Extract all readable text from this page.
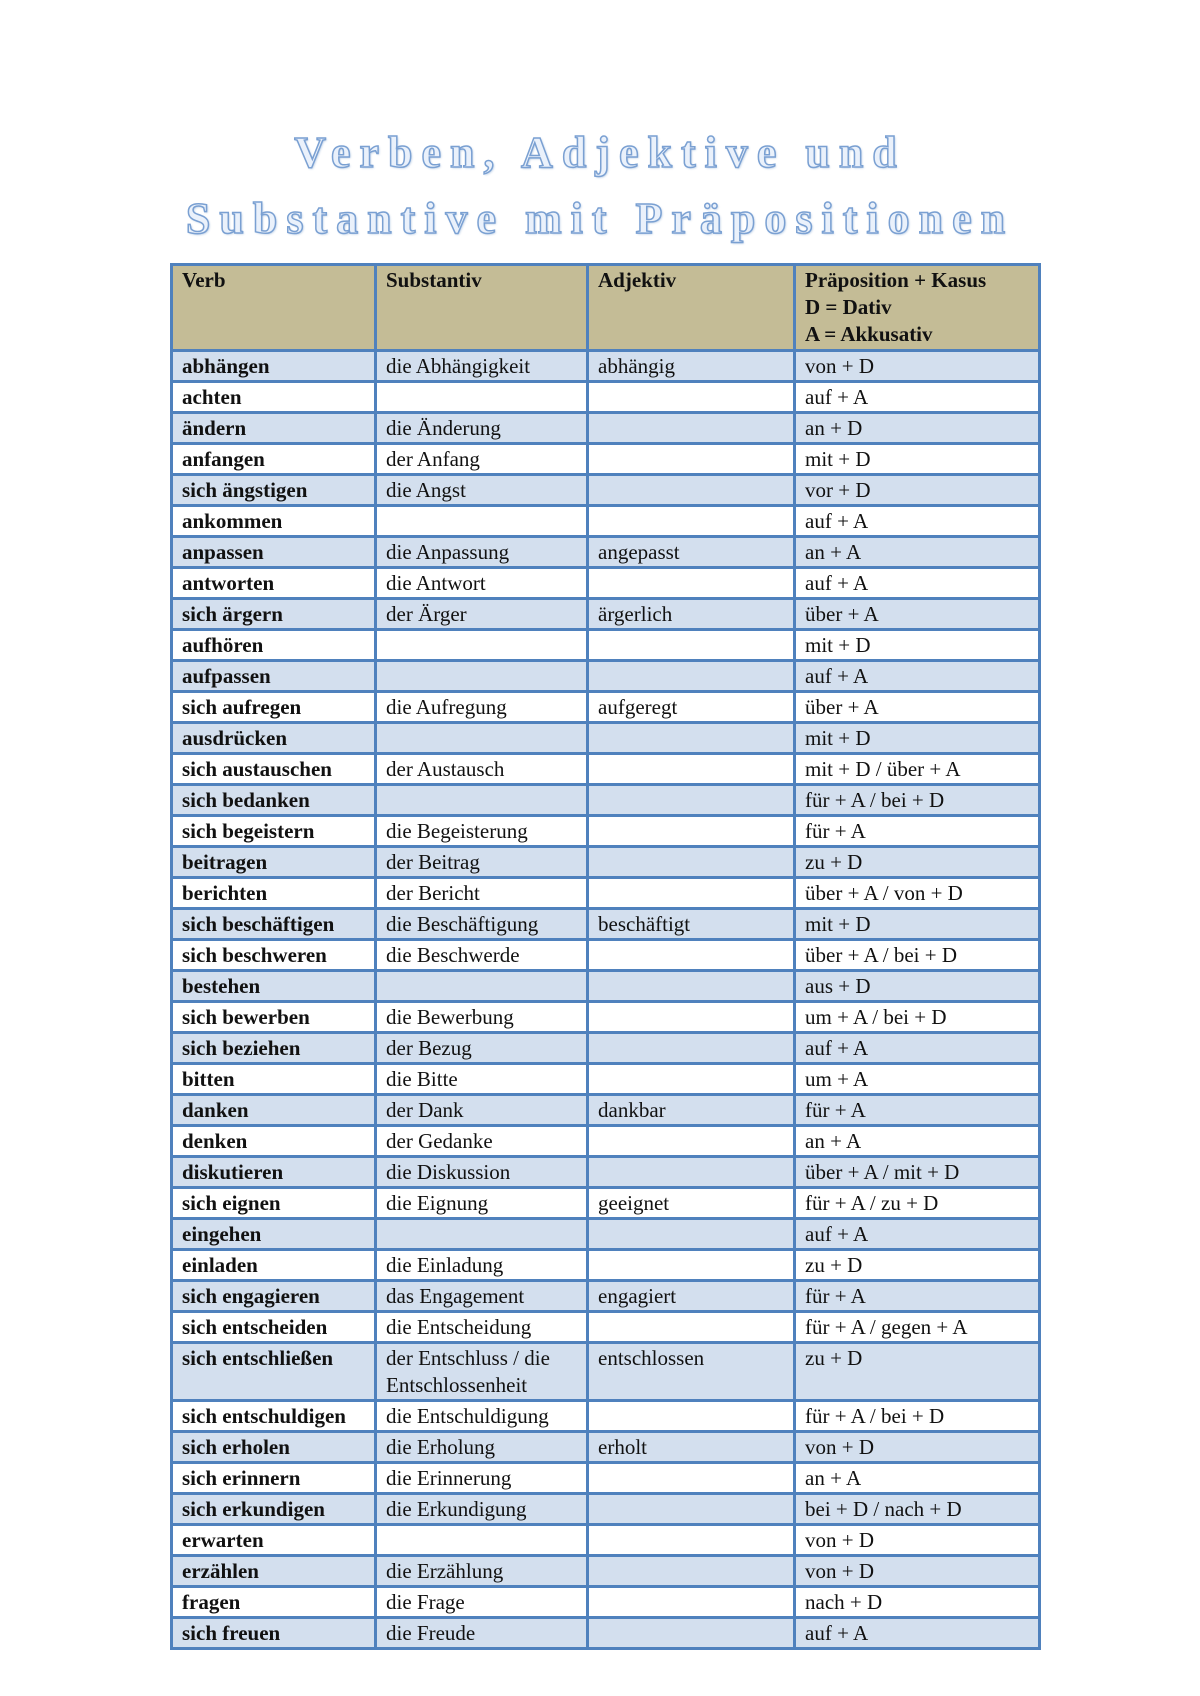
Verben, Adjektive und
Substantive mit Präpositionen
Verb	Substantiv	Adjektiv	Präposition + Kasus
D = Dativ
A = Akkusativ

abhängen	die Abhängigkeit	abhängig	von + D
achten			auf + A
ändern	die Änderung		an + D
anfangen	der Anfang		mit + D
sich ängstigen	die Angst		vor + D
ankommen			auf + A
anpassen	die Anpassung	angepasst	an + A
antworten	die Antwort		auf + A
sich ärgern	der Ärger	ärgerlich	über + A
aufhören			mit + D
aufpassen			auf + A
sich aufregen	die Aufregung	aufgeregt	über + A
ausdrücken			mit + D
sich austauschen	der Austausch		mit + D / über + A
sich bedanken			für + A / bei + D
sich begeistern	die Begeisterung		für + A
beitragen	der Beitrag		zu + D
berichten	der Bericht		über + A / von + D
sich beschäftigen	die Beschäftigung	beschäftigt	mit + D
sich beschweren	die Beschwerde		über + A / bei + D
bestehen			aus + D
sich bewerben	die Bewerbung		um + A / bei + D
sich beziehen	der Bezug		auf + A
bitten	die Bitte		um + A
danken	der Dank	dankbar	für + A
denken	der Gedanke		an + A
diskutieren	die Diskussion		über + A / mit + D
sich eignen	die Eignung	geeignet	für + A / zu + D
eingehen			auf + A
einladen	die Einladung		zu + D
sich engagieren	das Engagement	engagiert	für + A
sich entscheiden	die Entscheidung		für + A / gegen + A
sich entschließen	der Entschluss / die Entschlossenheit	entschlossen	zu + D
sich entschuldigen	die Entschuldigung		für + A / bei + D
sich erholen	die Erholung	erholt	von + D
sich erinnern	die Erinnerung		an + A
sich erkundigen	die Erkundigung		bei + D / nach + D
erwarten			von + D
erzählen	die Erzählung		von + D
fragen	die Frage		nach + D
sich freuen	die Freude		auf + A
